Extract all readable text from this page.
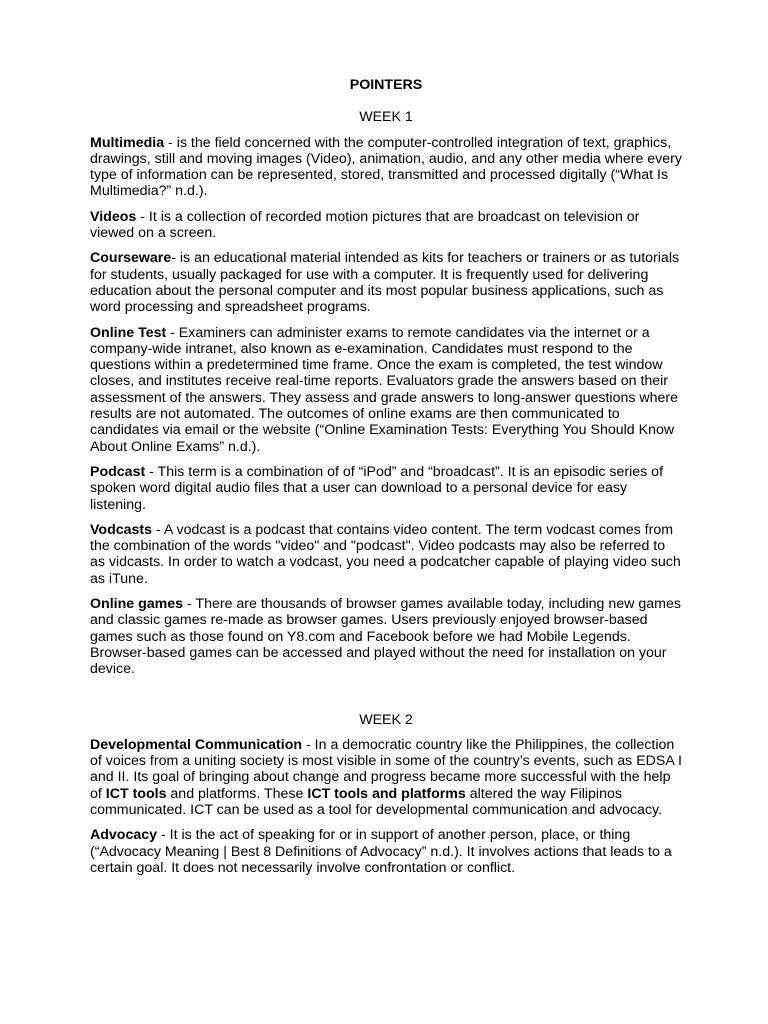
POINTERS
WEEK 1

Multimedia - is the field concerned with the computer-controlled integration of text, graphics, drawings, still and moving images (Video), animation, audio, and any other media where every type of information can be represented, stored, transmitted and processed digitally (“What Is Multimedia?” n.d.).

Videos - It is a collection of recorded motion pictures that are broadcast on television or viewed on a screen.

Courseware- is an educational material intended as kits for teachers or trainers or as tutorials for students, usually packaged for use with a computer. It is frequently used for delivering education about the personal computer and its most popular business applications, such as word processing and spreadsheet programs.

Online Test - Examiners can administer exams to remote candidates via the internet or a company-wide intranet, also known as e-examination. Candidates must respond to the questions within a predetermined time frame. Once the exam is completed, the test window closes, and institutes receive real-time reports. Evaluators grade the answers based on their assessment of the answers. They assess and grade answers to long-answer questions where results are not automated. The outcomes of online exams are then communicated to candidates via email or the website (“Online Examination Tests: Everything You Should Know About Online Exams” n.d.).

Podcast - This term is a combination of of “iPod” and “broadcast”. It is an episodic series of spoken word digital audio files that a user can download to a personal device for easy listening.

Vodcasts - A vodcast is a podcast that contains video content. The term vodcast comes from the combination of the words "video" and "podcast". Video podcasts may also be referred to as vidcasts. In order to watch a vodcast, you need a podcatcher capable of playing video such as iTune.

Online games - There are thousands of browser games available today, including new games and classic games re-made as browser games. Users previously enjoyed browser-based games such as those found on Y8.com and Facebook before we had Mobile Legends. Browser-based games can be accessed and played without the need for installation on your device.

WEEK 2

Developmental Communication - In a democratic country like the Philippines, the collection of voices from a uniting society is most visible in some of the country’s events, such as EDSA I and II. Its goal of bringing about change and progress became more successful with the help of ICT tools and platforms. These ICT tools and platforms altered the way Filipinos communicated. ICT can be used as a tool for developmental communication and advocacy.

Advocacy - It is the act of speaking for or in support of another person, place, or thing (“Advocacy Meaning | Best 8 Definitions of Advocacy” n.d.). It involves actions that leads to a certain goal. It does not necessarily involve confrontation or conflict.
